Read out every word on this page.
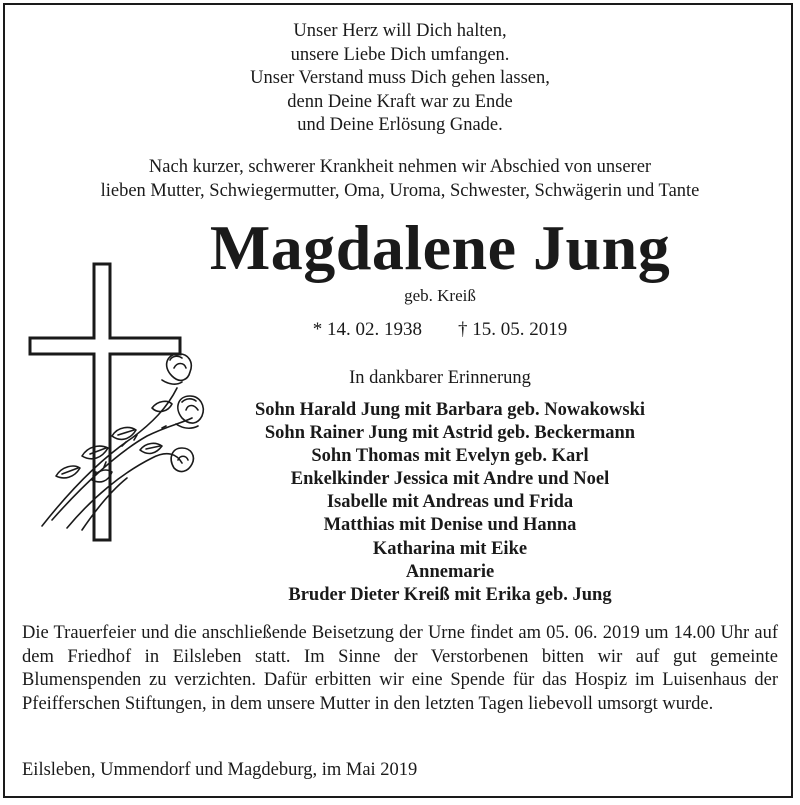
Unser Herz will Dich halten,
unsere Liebe Dich umfangen.
Unser Verstand muss Dich gehen lassen,
denn Deine Kraft war zu Ende
und Deine Erlösung Gnade.
Nach kurzer, schwerer Krankheit nehmen wir Abschied von unserer
lieben Mutter, Schwiegermutter, Oma, Uroma, Schwester, Schwägerin und Tante
Magdalene Jung
geb. Kreiß
* 14. 02. 1938 † 15. 05. 2019
In dankbarer Erinnerung
Sohn Harald Jung mit Barbara geb. Nowakowski
Sohn Rainer Jung mit Astrid geb. Beckermann
Sohn Thomas mit Evelyn geb. Karl
Enkelkinder Jessica mit Andre und Noel
Isabelle mit Andreas und Frida
Matthias mit Denise und Hanna
Katharina mit Eike
Annemarie
Bruder Dieter Kreiß mit Erika geb. Jung
Die Trauerfeier und die anschließende Beisetzung der Urne findet am 05. 06. 2019 um 14.00 Uhr auf dem Friedhof in Eilsleben statt. Im Sinne der Verstorbenen bitten wir auf gut gemeinte Blumenspenden zu verzichten. Dafür erbitten wir eine Spende für das Hospiz im Luisenhaus der Pfeifferschen Stiftungen, in dem unsere Mutter in den letzten Tagen liebevoll umsorgt wurde.
Eilsleben, Ummendorf und Magdeburg, im Mai 2019
